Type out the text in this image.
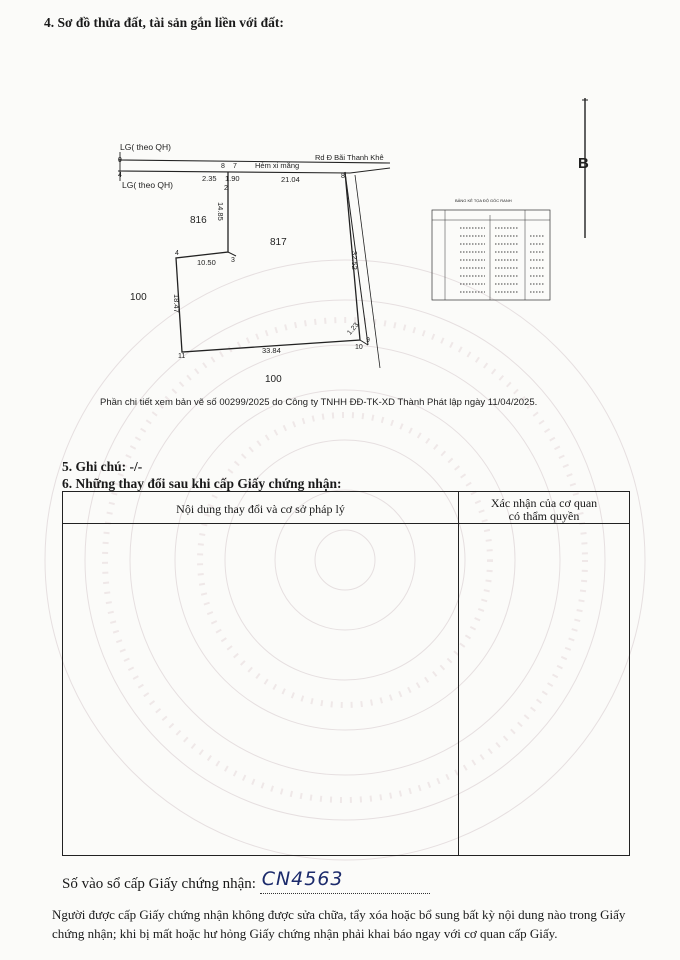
4. Sơ đồ thửa đất, tài sản gắn liền với đất:
B
LG( theo QH)
LG( theo QH)
9
4
Hẻm xi măng
Rd Đ Bãi Thanh Khê
8 7
8
2.35 1.90	21.04
2
14.85
816
817
10.50 3
4	32.52
100	18.47
1.23
9
10
11
33.84
100
BẢNG KÊ TỌA ĐỘ GÓC RANH
Phần chi tiết xem bản vẽ số 00299/2025 do Công ty TNHH ĐĐ-TK-XD Thành Phát lập ngày 11/04/2025.
5. Ghi chú: -/-
6. Những thay đổi sau khi cấp Giấy chứng nhận:
Nội dung thay đổi và cơ sở pháp lý	Xác nhận của cơ quan
có thẩm quyền
Số vào sổ cấp Giấy chứng nhận: CN4563

Người được cấp Giấy chứng nhận không được sửa chữa, tẩy xóa hoặc bổ sung bất kỳ nội dung nào trong Giấy chứng nhận; khi bị mất hoặc hư hỏng Giấy chứng nhận phải khai báo ngay với cơ quan cấp Giấy.
